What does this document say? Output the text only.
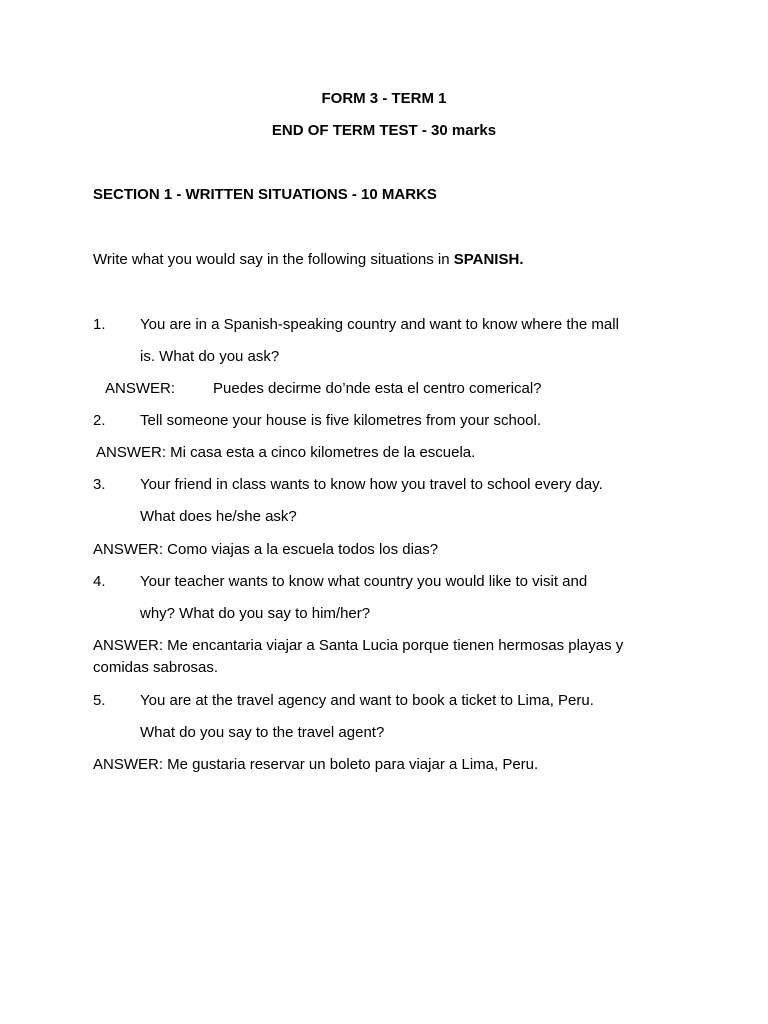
FORM 3 - TERM 1
END OF TERM TEST - 30 marks
SECTION 1 - WRITTEN SITUATIONS - 10 MARKS
Write what you would say in the following situations in SPANISH.
1. You are in a Spanish-speaking country and want to know where the mall
is. What do you ask?
ANSWER:	Puedes decirme do’nde esta el centro comerical?
2. Tell someone your house is five kilometres from your school.
ANSWER: Mi casa esta a cinco kilometres de la escuela.
3. Your friend in class wants to know how you travel to school every day.
What does he/she ask?
ANSWER: Como viajas a la escuela todos los dias?
4. Your teacher wants to know what country you would like to visit and
why? What do you say to him/her?
ANSWER: Me encantaria viajar a Santa Lucia porque tienen hermosas playas y
comidas sabrosas.
5. You are at the travel agency and want to book a ticket to Lima, Peru.
What do you say to the travel agent?
ANSWER: Me gustaria reservar un boleto para viajar a Lima, Peru.
